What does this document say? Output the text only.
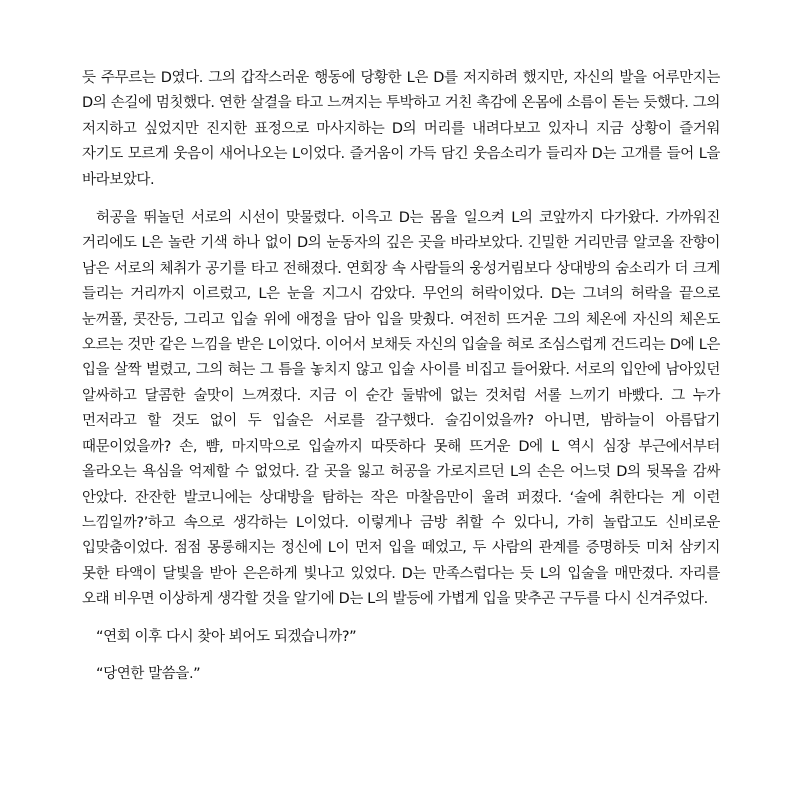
듯 주무르는 D였다. 그의 갑작스러운 행동에 당황한 L은 D를 저지하려 했지만, 자신의 발을 어루만지는 D의 손길에 멈칫했다. 연한 살결을 타고 느껴지는 투박하고 거친 촉감에 온몸에 소름이 돋는 듯했다. 그의 저지하고 싶었지만 진지한 표정으로 마사지하는 D의 머리를 내려다보고 있자니 지금 상황이 즐거워 자기도 모르게 웃음이 새어나오는 L이었다. 즐거움이 가득 담긴 웃음소리가 들리자 D는 고개를 들어 L을 바라보았다.

허공을 뛰놀던 서로의 시선이 맞물렸다. 이윽고 D는 몸을 일으켜 L의 코앞까지 다가왔다. 가까워진 거리에도 L은 놀란 기색 하나 없이 D의 눈동자의 깊은 곳을 바라보았다. 긴밀한 거리만큼 알코올 잔향이 남은 서로의 체취가 공기를 타고 전해졌다. 연회장 속 사람들의 웅성거림보다 상대방의 숨소리가 더 크게 들리는 거리까지 이르렀고, L은 눈을 지그시 감았다. 무언의 허락이었다. D는 그녀의 허락을 끝으로 눈꺼풀, 콧잔등, 그리고 입술 위에 애정을 담아 입을 맞췄다. 여전히 뜨거운 그의 체온에 자신의 체온도 오르는 것만 같은 느낌을 받은 L이었다. 이어서 보채듯 자신의 입술을 혀로 조심스럽게 건드리는 D에 L은 입을 살짝 벌렸고, 그의 혀는 그 틈을 놓치지 않고 입술 사이를 비집고 들어왔다. 서로의 입안에 남아있던 알싸하고 달콤한 술맛이 느껴졌다. 지금 이 순간 둘밖에 없는 것처럼 서롤 느끼기 바빴다. 그 누가 먼저라고 할 것도 없이 두 입술은 서로를 갈구했다. 술김이었을까? 아니면, 밤하늘이 아름답기 때문이었을까? 손, 뺨, 마지막으로 입술까지 따뜻하다 못해 뜨거운 D에 L 역시 심장 부근에서부터 올라오는 욕심을 억제할 수 없었다. 갈 곳을 잃고 허공을 가로지르던 L의 손은 어느덧 D의 뒷목을 감싸 안았다. 잔잔한 발코니에는 상대방을 탐하는 작은 마찰음만이 울려 퍼졌다. ‘술에 취한다는 게 이런 느낌일까?’하고 속으로 생각하는 L이었다. 이렇게나 금방 취할 수 있다니, 가히 놀랍고도 신비로운 입맞춤이었다. 점점 몽롱해지는 정신에 L이 먼저 입을 떼었고, 두 사람의 관계를 증명하듯 미처 삼키지 못한 타액이 달빛을 받아 은은하게 빛나고 있었다. D는 만족스럽다는 듯 L의 입술을 매만졌다. 자리를 오래 비우면 이상하게 생각할 것을 알기에 D는 L의 발등에 가볍게 입을 맞추곤 구두를 다시 신겨주었다.

“연회 이후 다시 찾아 뵈어도 되겠습니까?”

“당연한 말씀을.”
